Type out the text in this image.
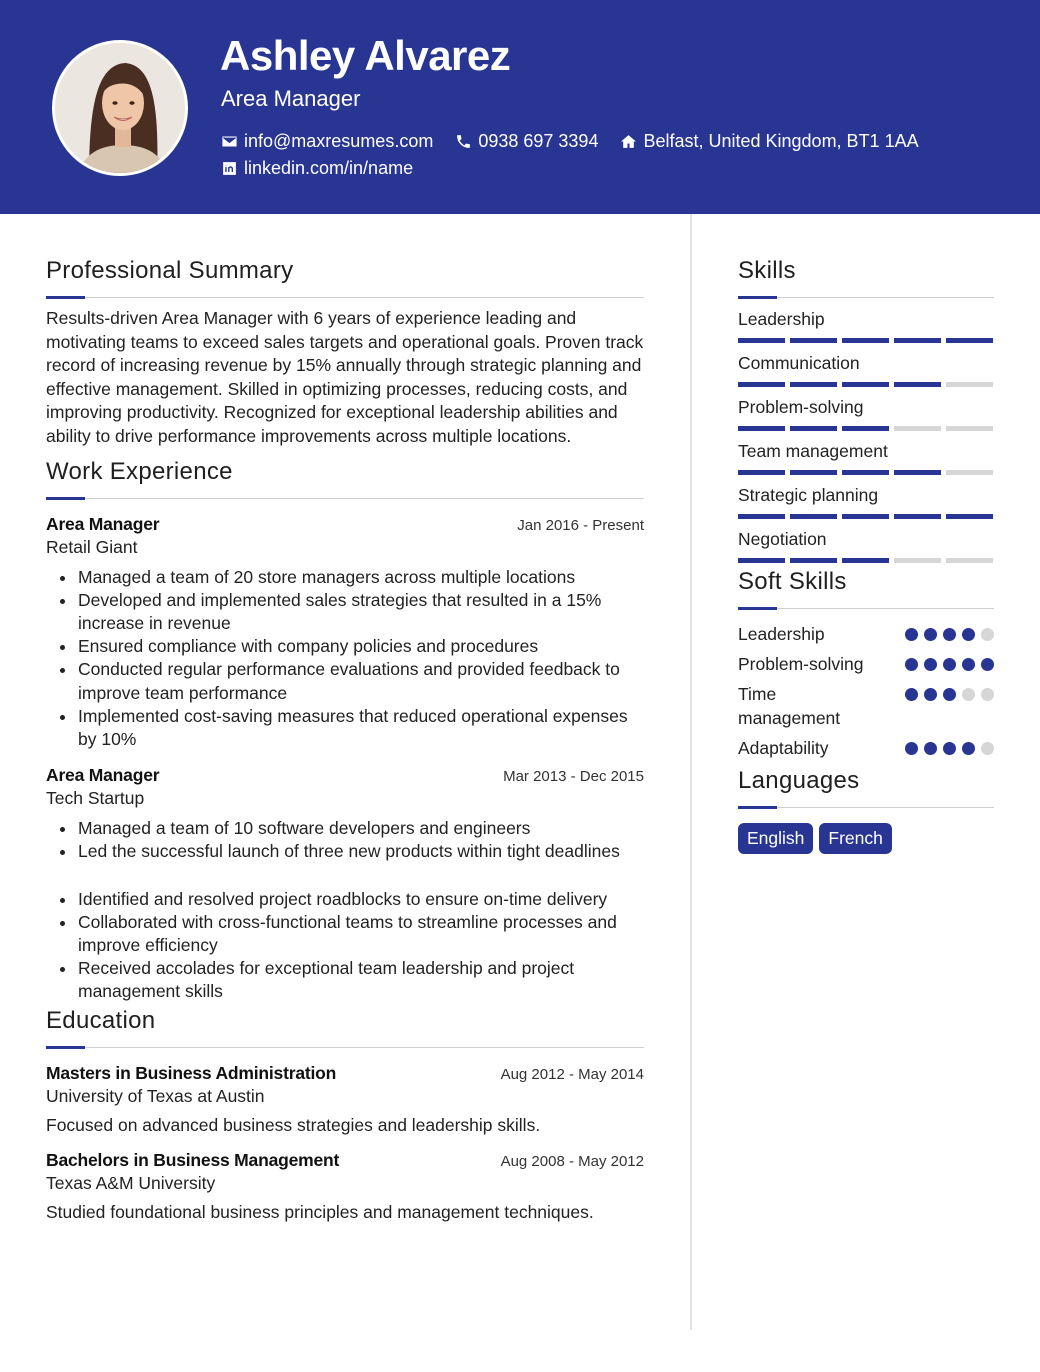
Ashley Alvarez
Area Manager
info@maxresumes.com	0938 697 3394	Belfast, United Kingdom, BT1 1AA
linkedin.com/in/name
Professional Summary

Results-driven Area Manager with 6 years of experience leading and motivating teams to exceed sales targets and operational goals. Proven track record of increasing revenue by 15% annually through strategic planning and effective management. Skilled in optimizing processes, reducing costs, and improving productivity. Recognized for exceptional leadership abilities and ability to drive performance improvements across multiple locations.

Work Experience
Area Manager	Jan 2016 - Present
Retail Giant
Managed a team of 20 store managers across multiple locations
Developed and implemented sales strategies that resulted in a 15% increase in revenue
Ensured compliance with company policies and procedures
Conducted regular performance evaluations and provided feedback to improve team performance
Implemented cost-saving measures that reduced operational expenses by 10%
Area Manager	Mar 2013 - Dec 2015
Tech Startup
Managed a team of 10 software developers and engineers
Led the successful launch of three new products within tight deadlines
Identified and resolved project roadblocks to ensure on-time delivery
Collaborated with cross-functional teams to streamline processes and improve efficiency
Received accolades for exceptional team leadership and project management skills
Education
Masters in Business Administration	Aug 2012 - May 2014
University of Texas at Austin
Focused on advanced business strategies and leadership skills.
Bachelors in Business Management	Aug 2008 - May 2012
Texas A&M University
Studied foundational business principles and management techniques.
Skills
Leadership
Communication
Problem-solving
Team management
Strategic planning
Negotiation
Soft Skills
Leadership
Problem-solving
Time management
Adaptability
Languages
English	French
